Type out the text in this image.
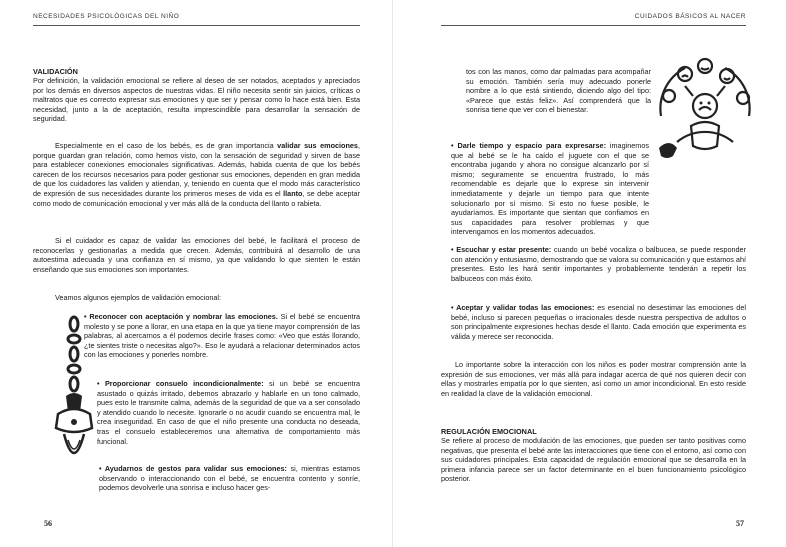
NECESIDADES PSICOLÓGICAS DEL NIÑO
VALIDACIÓN

Por definición, la validación emocional se refiere al deseo de ser notados, aceptados y apreciados por los demás en diversos aspectos de nuestras vidas. El niño necesita sentir sin juicios, críticas o maltratos que es correcto expresar sus emociones y que ser y pensar como lo hace está bien. Esta necesidad, junto a la de aceptación, resulta imprescindible para desarrollar la sensación de seguridad.

Especialmente en el caso de los bebés, es de gran importancia validar sus emociones, porque guardan gran relación, como hemos visto, con la sensación de seguridad y sirven de base para establecer conexiones emocionales significativas. Además, habida cuenta de que los bebés carecen de los recursos necesarios para poder gestionar sus emociones, dependen en gran medida de que los cuidadores las validen y atiendan, y, teniendo en cuenta que el modo más característico de expresión de sus necesidades durante los primeros meses de vida es el llanto, se debe aceptar como modo de comunicación emocional y ver más allá de la conducta del llanto o rabieta.

Si el cuidador es capaz de validar las emociones del bebé, le facilitará el proceso de reconocerlas y gestionarlas a medida que crecen. Además, contribuirá al desarrollo de una autoestima adecuada y una confianza en sí mismo, ya que validando lo que sienten le están enseñando que sus emociones son importantes.

Veamos algunos ejemplos de validación emocional:

• Reconocer con aceptación y nombrar las emociones. Si el bebé se encuentra molesto y se pone a llorar, en una etapa en la que ya tiene mayor comprensión de las palabras, al acercarnos a él podemos decirle frases como: «Veo que estás llorando, ¿te sientes triste o necesitas algo?». Eso le ayudará a relacionar determinados actos con las emociones y ponerles nombre.

• Proporcionar consuelo incondicionalmente: si un bebé se encuentra asustado o quizás irritado, debemos abrazarlo y hablarle en un tono calmado, pues esto le transmite calma, además de la seguridad de que va a ser consolado y atendido cuando lo necesite. Ignorarle o no acudir cuando se encuentra mal, le crea inseguridad. En caso de que el niño presente una conducta no deseada, tras el consuelo estableceremos una alternativa de comportamiento más funcional.

• Ayudarnos de gestos para validar sus emociones: si, mientras estamos observando o interaccionando con el bebé, se encuentra contento y sonríe, podemos devolverle una sonrisa e incluso hacer ges-

56
CUIDADOS BÁSICOS AL NACER

tos con las manos, como dar palmadas para acompañar su emoción. También sería muy adecuado ponerle nombre a lo que está sintiendo, diciendo algo del tipo: «Parece que estás feliz». Así comprenderá que la sonrisa tiene que ver con el bienestar.

• Darle tiempo y espacio para expresarse: imaginemos que al bebé se le ha caído el juguete con el que se encontraba jugando y ahora no consigue alcanzarlo por sí mismo; seguramente se encuentra frustrado, lo más recomendable es dejarle que lo exprese sin intervenir inmediatamente y dejarle un tiempo para que intente solucionarlo por sí mismo. Si esto no fuese posible, le ayudaríamos. Es importante que sientan que confiamos en sus capacidades para resolver problemas y que intervengamos en los momentos adecuados.

• Escuchar y estar presente: cuando un bebé vocaliza o balbucea, se puede responder con atención y entusiasmo, demostrando que se valora su comunicación y que estamos ahí presentes. Esto les hará sentir importantes y probablemente tenderán a repetir los balbuceos con más éxito.

• Aceptar y validar todas las emociones: es esencial no desestimar las emociones del bebé, incluso si parecen pequeñas o irracionales desde nuestra perspectiva de adultos o son principalmente expresiones hechas desde el llanto. Cada emoción que experimenta es válida y merece ser reconocida.

Lo importante sobre la interacción con los niños es poder mostrar comprensión ante la expresión de sus emociones, ver más allá para indagar acerca de qué nos quieren decir con ellas y mostrarles empatía por lo que sienten, así como un amor incondicional. En esto reside en realidad la clave de la validación emocional.

REGULACIÓN EMOCIONAL

Se refiere al proceso de modulación de las emociones, que pueden ser tanto positivas como negativas, que presenta el bebé ante las interacciones que tiene con el entorno, así como con sus cuidadores principales. Esta capacidad de regulación emocional que se desarrolla en la primera infancia parece ser un factor determinante en el buen funcionamiento psicológico posterior.

57
